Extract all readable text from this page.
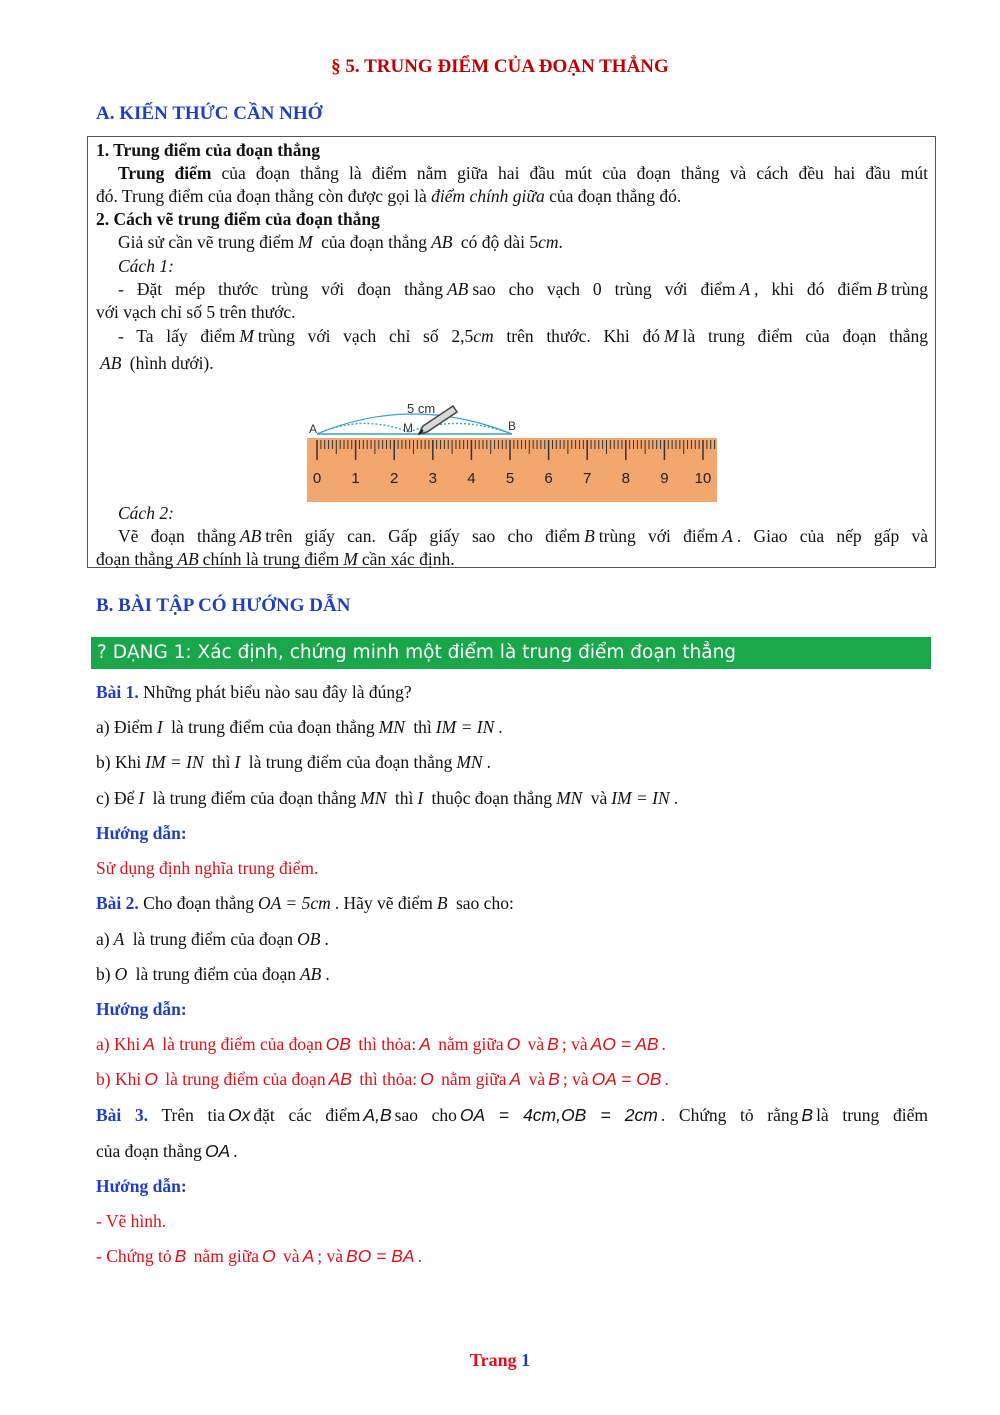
§ 5. TRUNG ĐIỂM CỦA ĐOẠN THẲNG
A. KIẾN THỨC CẦN NHỚ

1. Trung điểm của đoạn thẳng

Trung điểm của đoạn thẳng là điểm nằm giữa hai đầu mút của đoạn thẳng và cách đều hai đầu mút

đó. Trung điểm của đoạn thẳng còn được gọi là điểm chính giữa của đoạn thẳng đó.

2. Cách vẽ trung điểm của đoạn thẳng

Giả sử cần vẽ trung điểm M của đoạn thẳng AB có độ dài 5cm.

Cách 1:

- Đặt mép thước trùng với đoạn thẳng AB sao cho vạch 0 trùng với điểm A , khi đó điểm B trùng

với vạch chỉ số 5 trên thước.

- Ta lấy điểm M trùng với vạch chỉ số 2,5cm trên thước. Khi đó M là trung điểm của đoạn thẳng

AB (hình dưới).

5 cm
A	M	B
0 1 2 3 4 5 6 7 8 9 10

Cách 2:

Vẽ đoạn thẳng AB trên giấy can. Gấp giấy sao cho điểm B trùng với điểm A . Giao của nếp gấp và

đoạn thẳng AB chính là trung điểm M cần xác định.

B. BÀI TẬP CÓ HƯỚNG DẪN
? DẠNG 1: Xác định, chứng minh một điểm là trung điểm đoạn thẳng

Bài 1. Những phát biểu nào sau đây là đúng?

a) Điểm I là trung điểm của đoạn thẳng MN thì IM = IN .

b) Khi IM = IN thì I là trung điểm của đoạn thẳng MN .

c) Để I là trung điểm của đoạn thẳng MN thì I thuộc đoạn thẳng MN và IM = IN .

Hướng dẫn:

Sử dụng định nghĩa trung điểm.

Bài 2. Cho đoạn thẳng OA = 5cm . Hãy vẽ điểm B sao cho:

a) A là trung điểm của đoạn OB .

b) O là trung điểm của đoạn AB .

Hướng dẫn:

a) Khi A là trung điểm của đoạn OB thì thỏa: A nằm giữa O và B ; và AO = AB .

b) Khi O là trung điểm của đoạn AB thì thỏa: O nằm giữa A và B ; và OA = OB .

Bài 3. Trên tia Ox đặt các điểm A,B sao cho OA = 4cm,OB = 2cm . Chứng tỏ rằng B là trung điểm

của đoạn thẳng OA .

Hướng dẫn:

- Vẽ hình.

- Chứng tỏ B nằm giữa O và A ; và BO = BA .

Trang 1
